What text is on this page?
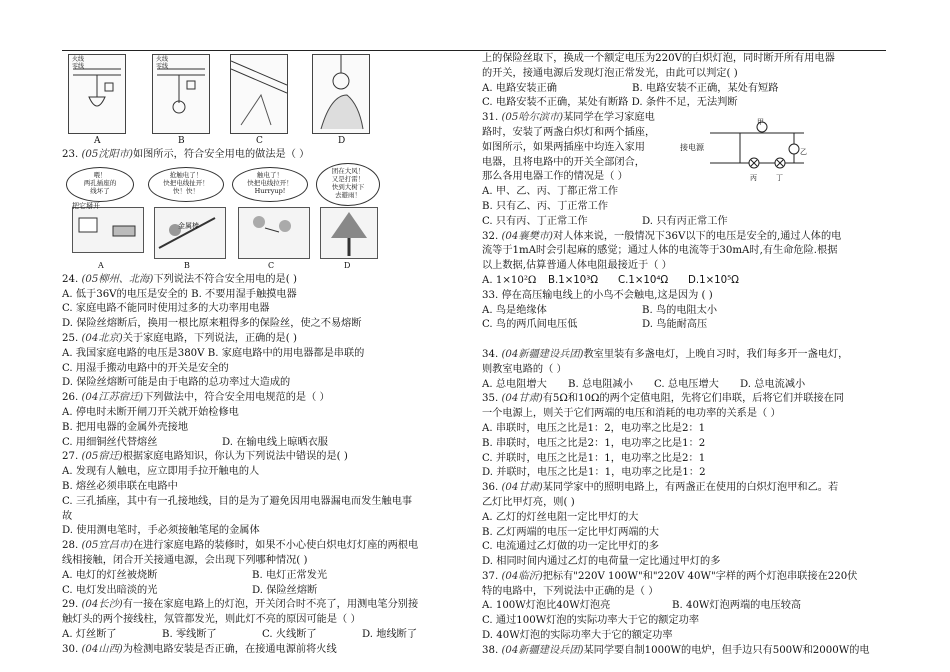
火线
零线
火线
零线
A	B	C	D
23. (05沈阳市)如图所示，符合安全用电的做法是（ ）
喂！
两孔插座的
线坏了
抢触电了！
快把电线扯开！
快！快！
触电了！
快把电线拉开！
Hurryup!
团在大风！
又是打雷！
快到大树下
去避雨！
金属棒
把它掰开
A	B	C	D
24. (05柳州、北海)下列说法不符合安全用电的是( )
A. 低于36V的电压是安全的 B. 不要用湿手触摸电器
C. 家庭电路不能同时使用过多的大功率用电器
D. 保险丝熔断后，换用一根比原来粗得多的保险丝，使之不易熔断
25. (04北京)关于家庭电路，下列说法，正确的是( )
A. 我国家庭电路的电压是380V B. 家庭电路中的用电器都是串联的
C. 用湿手搬动电路中的开关是安全的
D. 保险丝熔断可能是由于电路的总功率过大造成的
26. (04江苏宿迁)下列做法中，符合安全用电规范的是（ ）
A. 停电时未断开闸刀开关就开始检修电
B. 把用电器的金属外壳接地
C. 用细铜丝代替熔丝	D. 在输电线上晾晒衣服
27. (05宿迁)根据家庭电路知识，你认为下列说法中错误的是( )
A. 发现有人触电，应立即用手拉开触电的人
B. 熔丝必须串联在电路中
C. 三孔插座，其中有一孔接地线，目的是为了避免因用电器漏电而发生触电事
故
D. 使用测电笔时，手必须接触笔尾的金属体
28. (05宜昌市)在进行家庭电路的装修时，如果不小心使白炽电灯灯座的两根电
线相接触，闭合开关接通电源，会出现下列哪种情况( )
A. 电灯的灯丝被烧断	B. 电灯正常发光
C. 电灯发出暗淡的光	D. 保险丝熔断
29. (04长沙)有一接在家庭电路上的灯泡，开关闭合时不亮了，用测电笔分别接
触灯头的两个接线柱，氖管都发光，则此灯不亮的原因可能是（ ）
A. 灯丝断了	B. 零线断了	C. 火线断了	D. 地线断了
30. (04山西)为检测电路安装是否正确，在接通电源前将火线
上的保险丝取下，换成一个额定电压为220V的白炽灯泡，同时断开所有用电器
的开关，接通电源后发现灯泡正常发光，由此可以判定( )
A. 电路安装正确	B. 电路安装不正确，某处有短路
C. 电路安装不正确，某处有断路 D. 条件不足，无法判断
31. (05哈尔滨市)某同学在学习家庭电
路时，安装了两盏白炽灯和两个插座，
如图所示，如果两插座中均连入家用
电器，且将电路中的开关全部闭合，
那么各用电器工作的情况是（ ）
A. 甲、乙、丙、丁都正常工作
B. 只有乙、丙、丁正常工作
C. 只有丙、丁正常工作	D. 只有丙正常工作
接电源
甲
乙
丙	丁
32. (04襄樊市)对人体来说，一般情况下36V以下的电压是安全的,通过人体的电
流等于1mA时会引起麻的感觉；通过人体的电流等于30mA时,有生命危险.根据
以上数据,估算普通人体电阻最接近于（ ）
A. 1×10²Ω B.1×10³Ω C.1×10⁴Ω D.1×10⁵Ω
33. 停在高压输电线上的小鸟不会触电,这是因为 ( )
A. 鸟是绝缘体	B. 鸟的电阻太小
C. 鸟的两爪间电压低	D. 鸟能耐高压
34. (04新疆建设兵团)教室里装有多盏电灯，上晚自习时，我们每多开一盏电灯，
则教室电路的（ ）
A. 总电阻增大 B. 总电阻减小 C. 总电压增大 D. 总电流减小
35. (04甘肃)有5Ω和10Ω的两个定值电阻，先将它们串联，后将它们并联接在同
一个电源上，则关于它们两端的电压和消耗的电功率的关系是（ ）
A. 串联时，电压之比是1：2，电功率之比是2：1
B. 串联时，电压之比是2：1，电功率之比是1：2
C. 并联时，电压之比是1：1，电功率之比是2：1
D. 并联时，电压之比是1：1，电功率之比是1：2
36. (04甘肃)某同学家中的照明电路上，有两盏正在使用的白炽灯泡甲和乙。若
乙灯比甲灯亮，则( )
A. 乙灯的灯丝电阻一定比甲灯的大
B. 乙灯两端的电压一定比甲灯两端的大
C. 电流通过乙灯做的功一定比甲灯的多
D. 相同时间内通过乙灯的电荷量一定比通过甲灯的多
37. (04临沂)把标有"220V 100W"和"220V 40W"字样的两个灯泡串联接在220伏
特的电路中，下列说法中正确的是（ ）
A. 100W灯泡比40W灯泡亮	B. 40W灯泡两端的电压较高
C. 通过100W灯泡的实际功率大于它的额定功率
D. 40W灯泡的实际功率大于它的额定功率
38. (04新疆建设兵团)某同学要自制1000W的电炉，但手边只有500W和2000W的电
